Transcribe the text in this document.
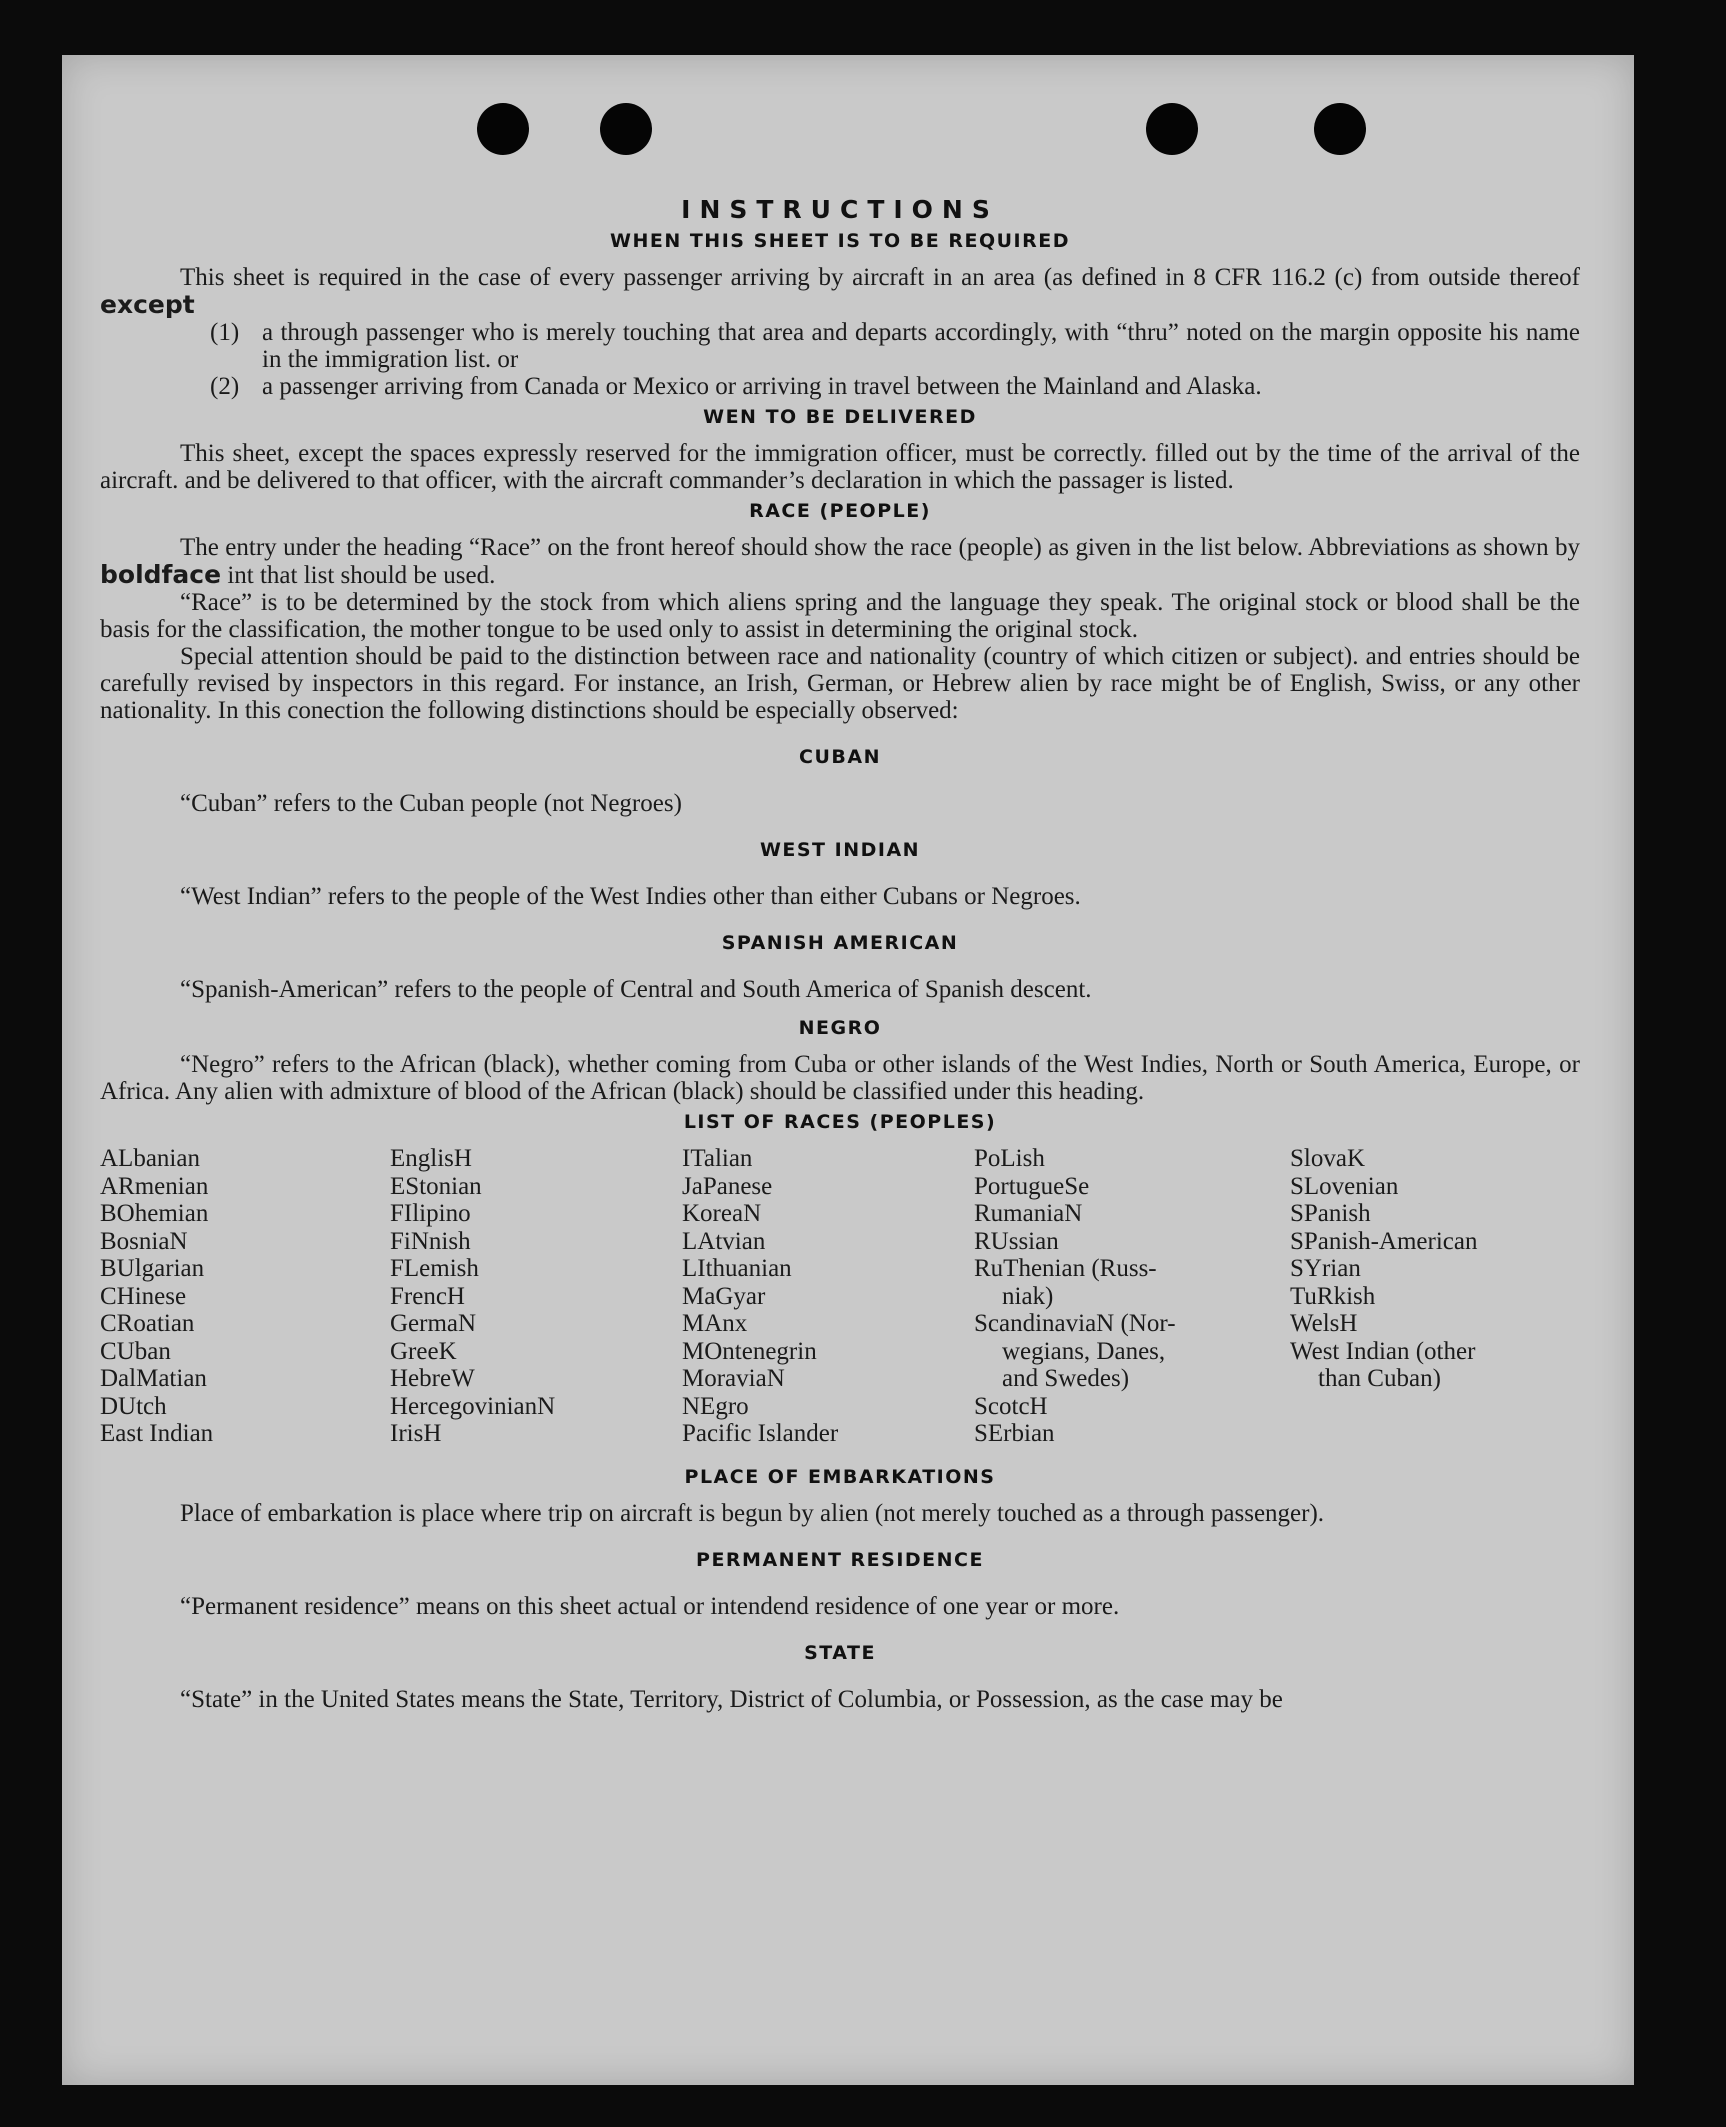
INSTRUCTIONS
WHEN THIS SHEET IS TO BE REQUIRED

This sheet is required in the case of every passenger arriving by aircraft in an area (as defined in 8 CFR 116.2 (c) from outside thereof except

(1) a through passenger who is merely touching that area and departs accordingly, with “thru” noted on the margin opposite his name in the immigration list. or
(2) a passenger arriving from Canada or Mexico or arriving in travel between the Mainland and Alaska.
WEN TO BE DELIVERED

This sheet, except the spaces expressly reserved for the immigration officer, must be correctly. filled out by the time of the arrival of the aircraft. and be delivered to that officer, with the aircraft commander’s declaration in which the passager is listed.

RACE (PEOPLE)

The entry under the heading “Race” on the front hereof should show the race (people) as given in the list below. Abbreviations as shown by boldface int that list should be used.

“Race” is to be determined by the stock from which aliens spring and the language they speak. The original stock or blood shall be the basis for the classification, the mother tongue to be used only to assist in determining the original stock.

Special attention should be paid to the distinction between race and nationality (country of which citizen or subject). and entries should be carefully revised by inspectors in this regard. For instance, an Irish, German, or Hebrew alien by race might be of English, Swiss, or any other nationality. In this conection the following distinctions should be especially observed:

CUBAN

“Cuban” refers to the Cuban people (not Negroes)

WEST INDIAN

“West Indian” refers to the people of the West Indies other than either Cubans or Negroes.

SPANISH AMERICAN

“Spanish-American” refers to the people of Central and South America of Spanish descent.

NEGRO

“Negro” refers to the African (black), whether coming from Cuba or other islands of the West Indies, North or South America, Europe, or Africa. Any alien with admixture of blood of the African (black) should be classified under this heading.

LIST OF RACES (PEOPLES)
ALbanian
ARmenian
BOhemian
BosniaN
BUlgarian
CHinese
CRoatian
CUban
DalMatian
DUtch
East Indian
EnglisH
EStonian
FIlipino
FiNnish
FLemish
FrencH
GermaN
GreeK
HebreW
HercegovinianN
IrisH
ITalian
JaPanese
KoreaN
LAtvian
LIthuanian
MaGyar
MAnx
MOntenegrin
MoraviaN
NEgro
Pacific Islander
PoLish
PortugueSe
RumaniaN
RUssian
RuThenian (Russ-
niak)
ScandinaviaN (Nor-
wegians, Danes,
and Swedes)
ScotcH
SErbian
SlovaK
SLovenian
SPanish
SPanish-American
SYrian
TuRkish
WelsH
West Indian (other
than Cuban)
PLACE OF EMBARKATIONS

Place of embarkation is place where trip on aircraft is begun by alien (not merely touched as a through passenger).

PERMANENT RESIDENCE

“Permanent residence” means on this sheet actual or intendend residence of one year or more.

STATE

“State” in the United States means the State, Territory, District of Columbia, or Possession, as the case may be
